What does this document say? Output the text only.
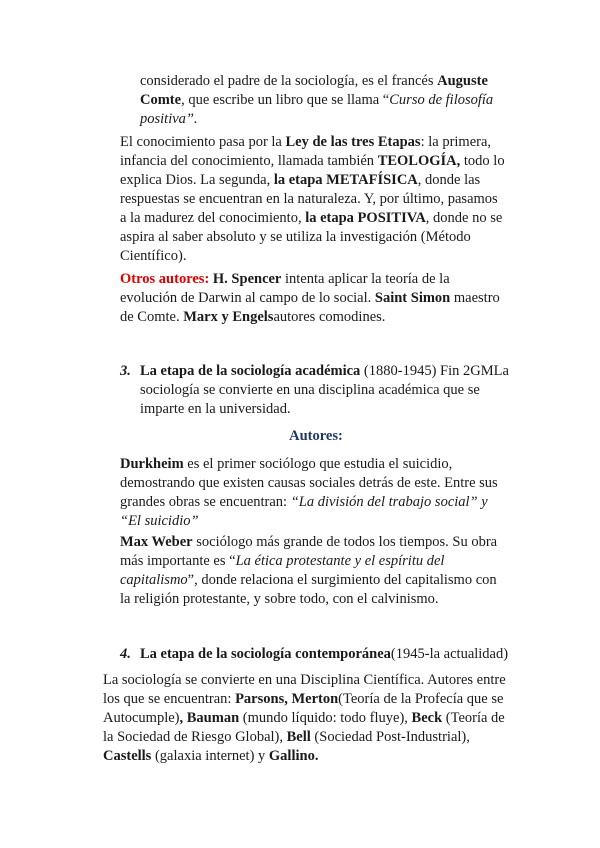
considerado el padre de la sociología, es el francés Auguste Comte, que escribe un libro que se llama “Curso de filosofía positiva”.

El conocimiento pasa por la Ley de las tres Etapas: la primera, infancia del conocimiento, llamada también TEOLOGÍA, todo lo explica Dios. La segunda, la etapa METAFÍSICA, donde las respuestas se encuentran en la naturaleza. Y, por último, pasamos a la madurez del conocimiento, la etapa POSITIVA, donde no se aspira al saber absoluto y se utiliza la investigación (Método Científico).

Otros autores: H. Spencer intenta aplicar la teoría de la evolución de Darwin al campo de lo social. Saint Simon maestro de Comte. Marx y Engelsautores comodines.

3. La etapa de la sociología académica (1880-1945) Fin 2GMLa sociología se convierte en una disciplina académica que se imparte en la universidad.

Autores:

Durkheim es el primer sociólogo que estudia el suicidio, demostrando que existen causas sociales detrás de este. Entre sus grandes obras se encuentran: “La división del trabajo social” y “El suicidio”

Max Weber sociólogo más grande de todos los tiempos. Su obra más importante es “La ética protestante y el espíritu del capitalismo”, donde relaciona el surgimiento del capitalismo con la religión protestante, y sobre todo, con el calvinismo.

4. La etapa de la sociología contemporánea(1945-la actualidad)

La sociología se convierte en una Disciplina Científica. Autores entre los que se encuentran: Parsons, Merton(Teoría de la Profecía que se Autocumple), Bauman (mundo líquido: todo fluye), Beck (Teoría de la Sociedad de Riesgo Global), Bell (Sociedad Post-Industrial), Castells (galaxia internet) y Gallino.
